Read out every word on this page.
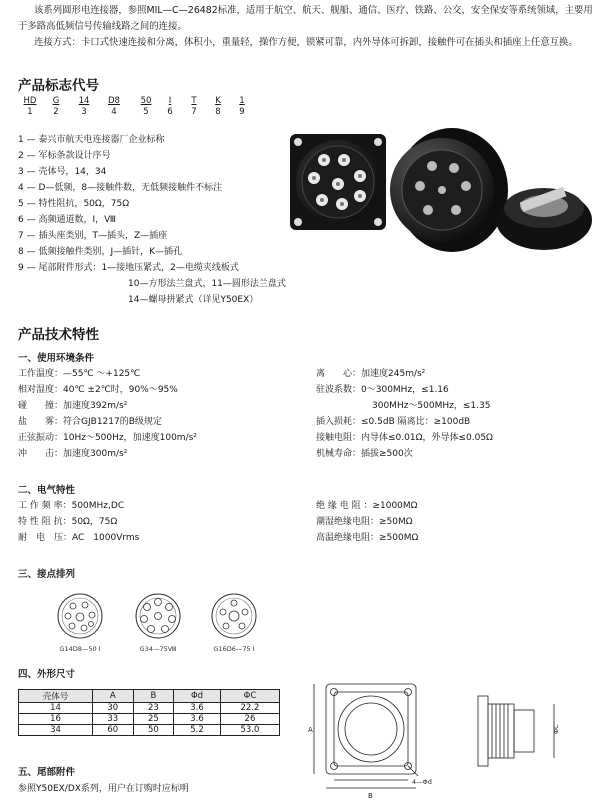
该系列圆形电连接器，参照MIL—C—26482标准，适用于航空、航天、舰船、通信、医疗、铁路、公交，安全保安等系统领域，主要用于多路高低频信号传输线路之间的连接。

连接方式：卡口式快速连接和分离，体积小，重量轻，操作方便，锁紧可靠，内外导体可拆卸，接触件可在插头和插座上任意互换。

产品标志代号
HD	G	14	D8	50	I	T	K	1
1	2	3	4	5	6	7	8	9
1 — 泰兴市航天电连接器厂企业标称
2 — 军标条款设计序号
3 — 壳体号，14，34
4 — D—低频，8—接触件数，无低频接触件不标注
5 — 特性阻抗，50Ω，75Ω
6 — 高频通道数，Ⅰ，Ⅷ
7 — 插头座类别，T—插头，Z—插座
8 — 低频接触件类别，J—插针，K—插孔
9 — 尾部附件形式：1—接地压紧式，2—电缆夹线板式
10—方形法兰盘式，11—圆形法兰盘式
14—螺母拼紧式（详见Y50EX）
产品技术特性
一、使用环境条件
工作温度：—55℃ ～+125℃
相对湿度：40℃ ±2℃时，90%～95%
碰　　撞：加速度392m/s²
盐　　雾：符合GJB1217的B级规定
正弦振动：10Hz～500Hz，加速度100m/s²
冲　　击：加速度300m/s²
离　　心：加速度245m/s²
驻波系数：0～300MHz，≤1.16
300MHz～500MHz，≤1.35
插入损耗：≤0.5dB 隔离比：≥100dB
接触电阻：内导体≤0.01Ω，外导体≤0.05Ω
机械寿命：插拔≥500次
二、电气特性
工 作 频 率：500MHz,DC
特 性 阻 抗：50Ω，75Ω
耐　电　压：AC　1000Vrms
绝 缘 电 阻 ：≥1000MΩ
潮湿绝缘电阻：≥50MΩ
高温绝缘电阻：≥500MΩ
三、接点排列
G14D8—50 Ⅰ	G34—75Ⅷ	G16D6—75 Ⅰ
四、外形尺寸
壳体号	A	B	Φd	ΦC
14	30	23	3.6	22.2
16	33	25	3.6	26
34	60	50	5.2	53.0	A
B
4—Φd
ΦC
五、尾部附件
参照Y50EX/DX系列，用户在订购时应标明
